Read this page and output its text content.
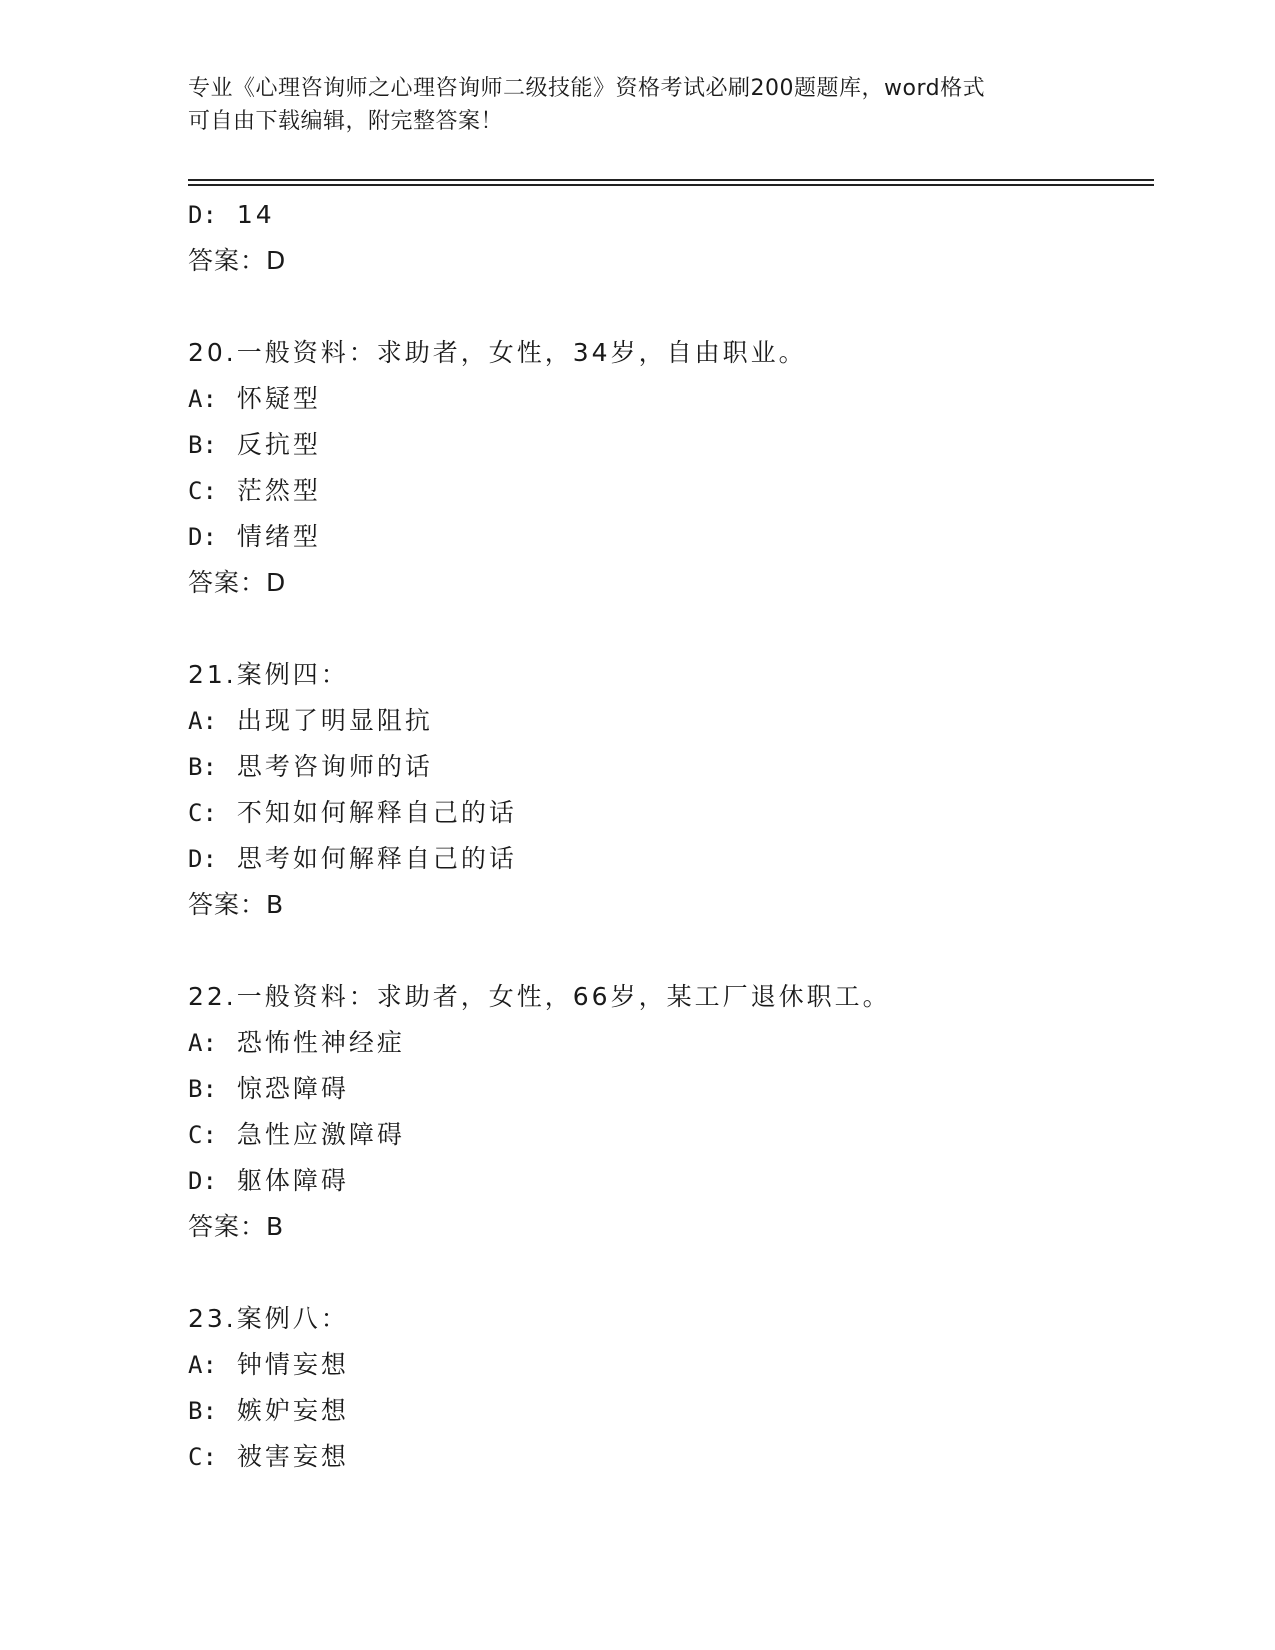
专业《心理咨询师之心理咨询师二级技能》资格考试必刷200题题库，word格式
可自由下载编辑，附完整答案！
D: 14
答案：D
20.一般资料：求助者，女性，34岁，自由职业。
A: 怀疑型
B: 反抗型
C: 茫然型
D: 情绪型
答案：D
21.案例四：
A: 出现了明显阻抗
B: 思考咨询师的话
C: 不知如何解释自己的话
D: 思考如何解释自己的话
答案：B
22.一般资料：求助者，女性，66岁，某工厂退休职工。
A: 恐怖性神经症
B: 惊恐障碍
C: 急性应激障碍
D: 躯体障碍
答案：B
23.案例八：
A: 钟情妄想
B: 嫉妒妄想
C: 被害妄想
